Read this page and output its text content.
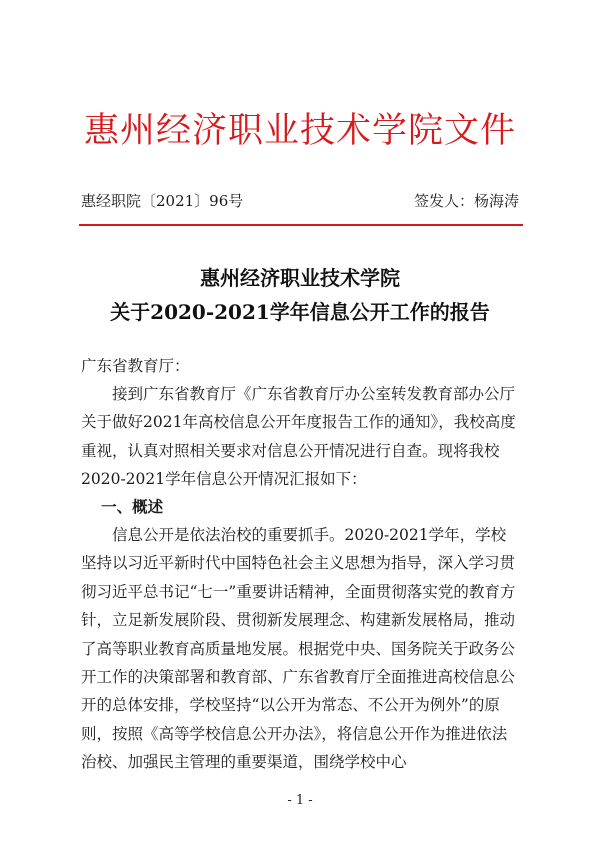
惠州经济职业技术学院文件
惠经职院〔2021〕96号	签发人：杨海涛
惠州经济职业技术学院
关于2020-2021学年信息公开工作的报告

广东省教育厅：

接到广东省教育厅《广东省教育厅办公室转发教育部办公厅关于做好2021年高校信息公开年度报告工作的通知》，我校高度重视，认真对照相关要求对信息公开情况进行自查。现将我校2020-2021学年信息公开情况汇报如下：

一、概述

信息公开是依法治校的重要抓手。2020-2021学年，学校坚持以习近平新时代中国特色社会主义思想为指导，深入学习贯彻习近平总书记“七一”重要讲话精神，全面贯彻落实党的教育方针，立足新发展阶段、贯彻新发展理念、构建新发展格局，推动了高等职业教育高质量地发展。根据党中央、国务院关于政务公开工作的决策部署和教育部、广东省教育厅全面推进高校信息公开的总体安排，学校坚持“以公开为常态、不公开为例外”的原则，按照《高等学校信息公开办法》，将信息公开作为推进依法治校、加强民主管理的重要渠道，围绕学校中心

- 1 -
